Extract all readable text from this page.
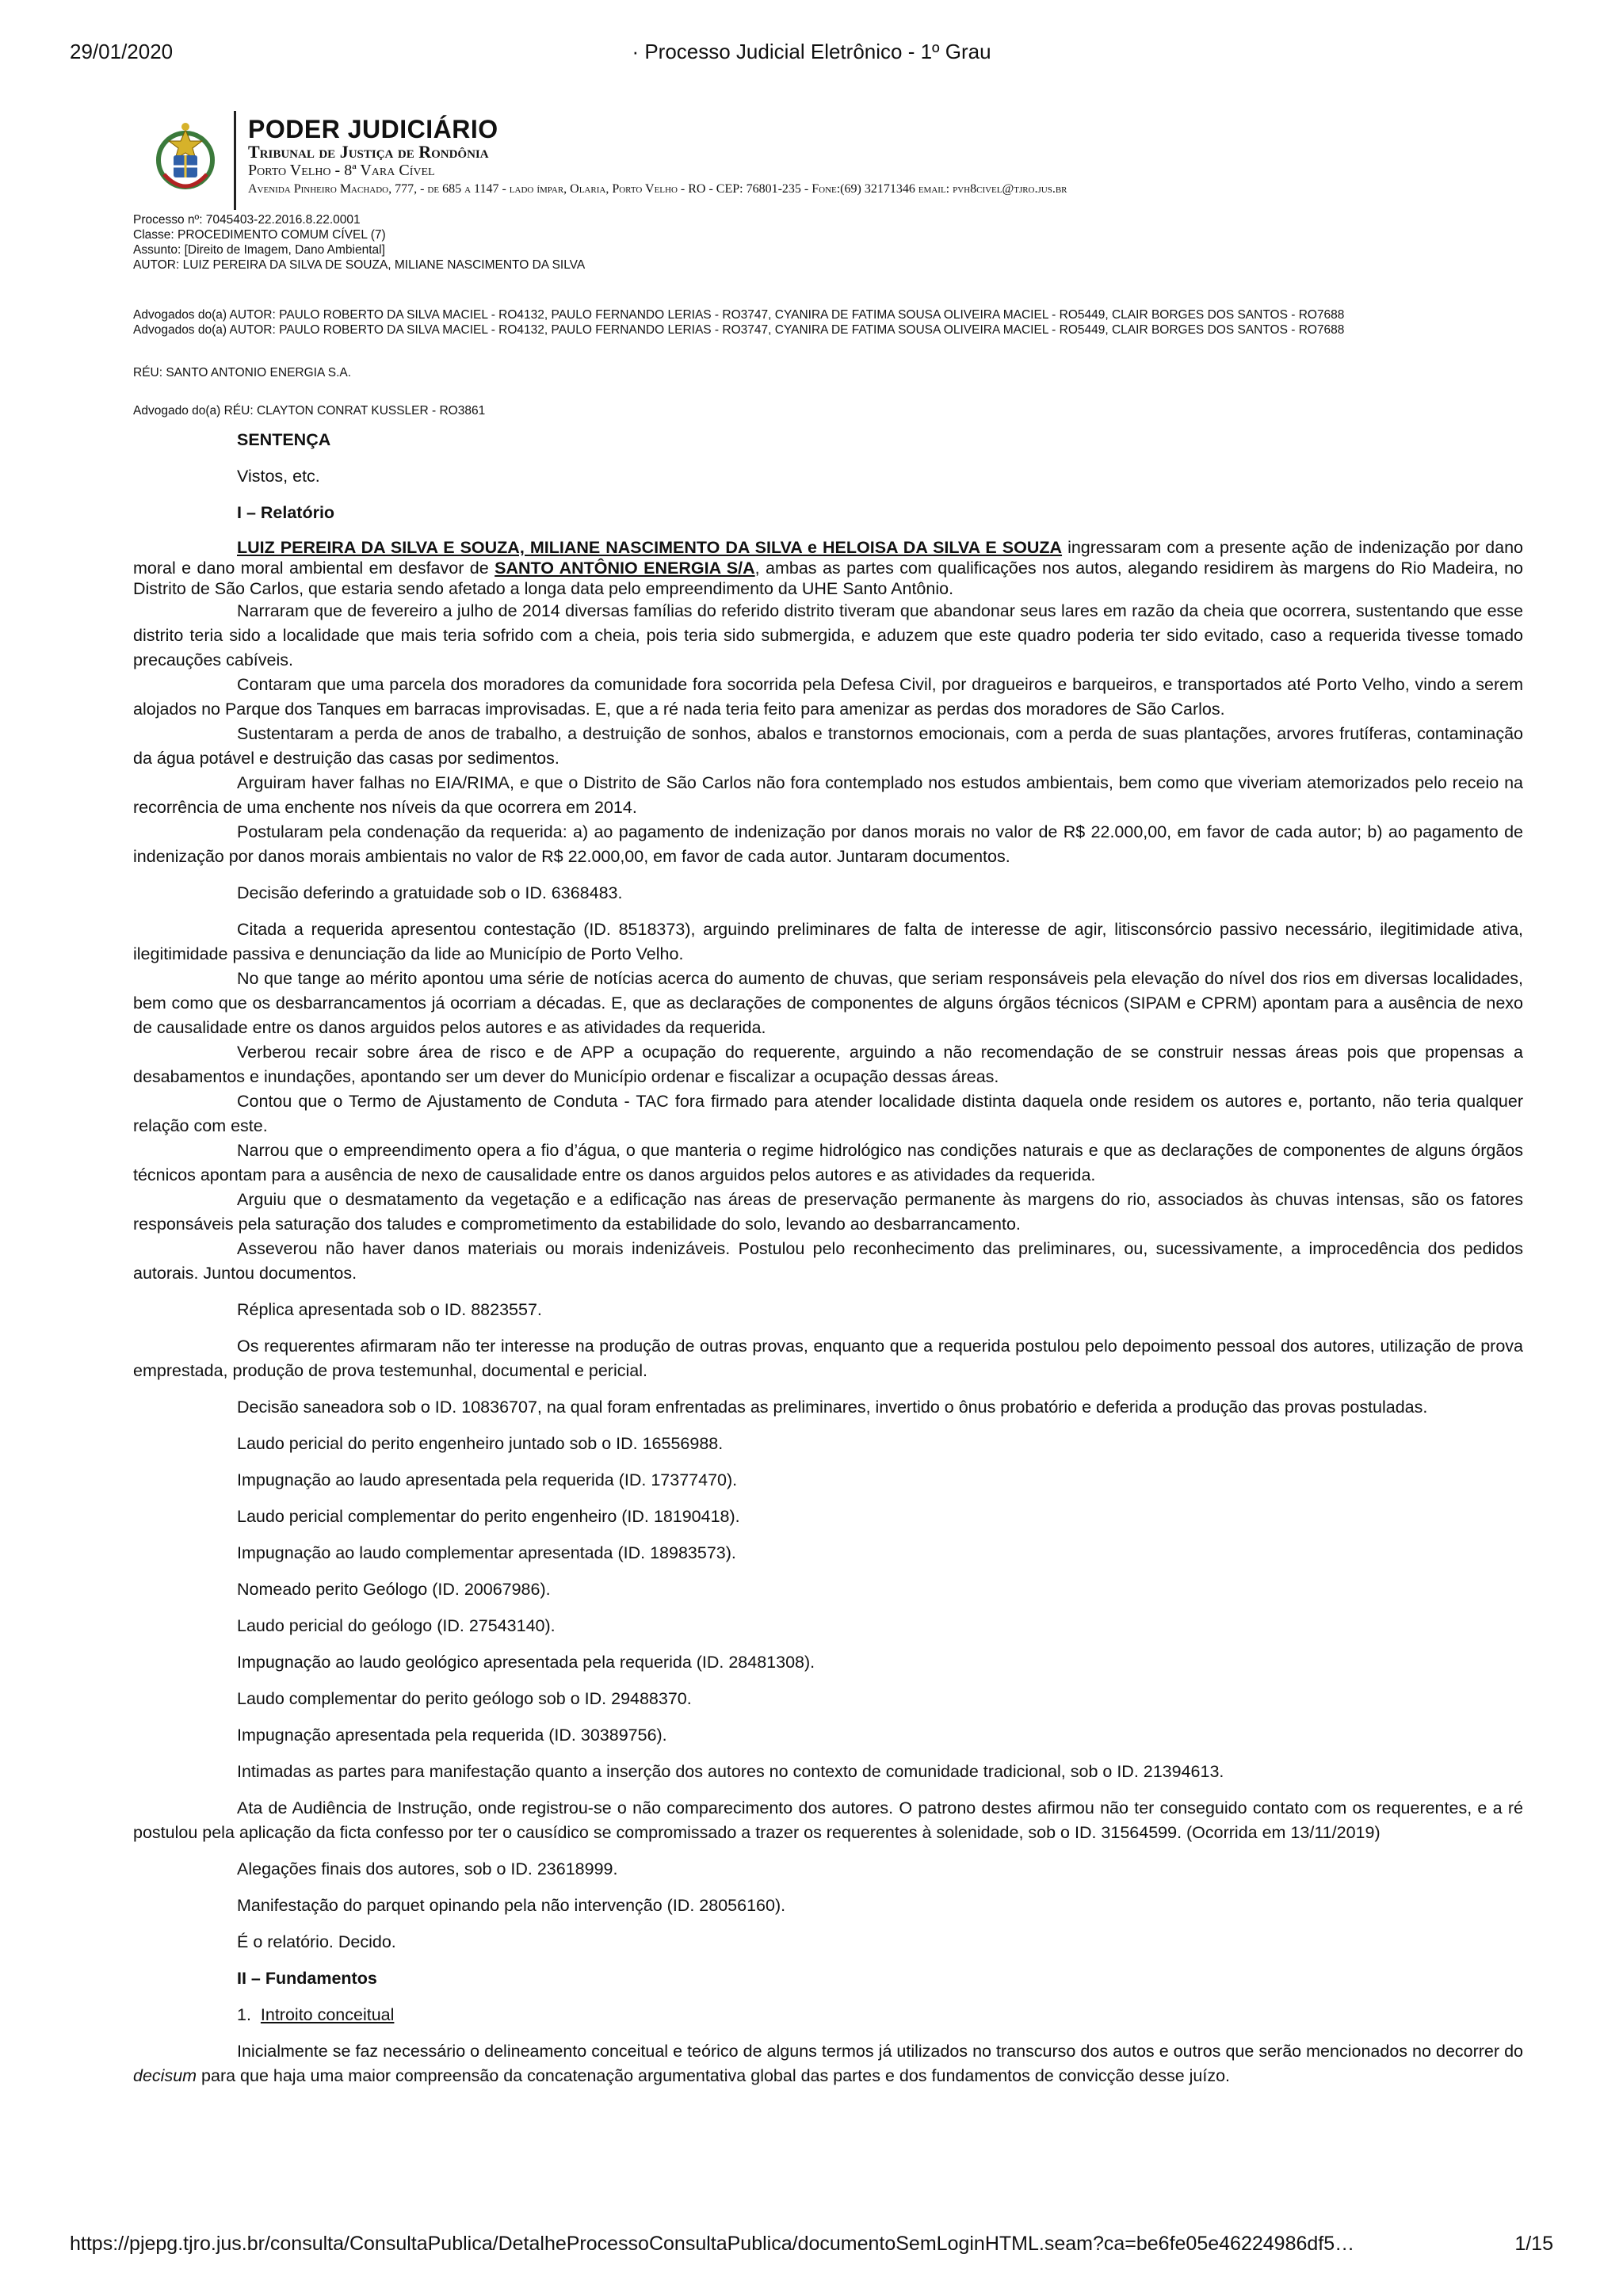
29/01/2020	· Processo Judicial Eletrônico - 1º Grau
PODER JUDICIÁRIO
Tribunal de Justiça de Rondônia
Porto Velho - 8ª Vara Cível
Avenida Pinheiro Machado, 777, - de 685 a 1147 - lado ímpar, Olaria, Porto Velho - RO - CEP: 76801-235 - Fone:(69) 32171346 email: pvh8civel@tjro.jus.br
Processo nº: 7045403-22.2016.8.22.0001
Classe: PROCEDIMENTO COMUM CÍVEL (7)
Assunto: [Direito de Imagem, Dano Ambiental]
AUTOR: LUIZ PEREIRA DA SILVA DE SOUZA, MILIANE NASCIMENTO DA SILVA
Advogados do(a) AUTOR: PAULO ROBERTO DA SILVA MACIEL - RO4132, PAULO FERNANDO LERIAS - RO3747, CYANIRA DE FATIMA SOUSA OLIVEIRA MACIEL - RO5449, CLAIR BORGES DOS SANTOS - RO7688
Advogados do(a) AUTOR: PAULO ROBERTO DA SILVA MACIEL - RO4132, PAULO FERNANDO LERIAS - RO3747, CYANIRA DE FATIMA SOUSA OLIVEIRA MACIEL - RO5449, CLAIR BORGES DOS SANTOS - RO7688
RÉU: SANTO ANTONIO ENERGIA S.A.
Advogado do(a) RÉU: CLAYTON CONRAT KUSSLER - RO3861

SENTENÇA

Vistos, etc.

I – Relatório

LUIZ PEREIRA DA SILVA E SOUZA, MILIANE NASCIMENTO DA SILVA e HELOISA DA SILVA E SOUZA ingressaram com a presente ação de indenização por dano moral e dano moral ambiental em desfavor de SANTO ANTÔNIO ENERGIA S/A, ambas as partes com qualificações nos autos, alegando residirem às margens do Rio Madeira, no Distrito de São Carlos, que estaria sendo afetado a longa data pelo empreendimento da UHE Santo Antônio.

Narraram que de fevereiro a julho de 2014 diversas famílias do referido distrito tiveram que abandonar seus lares em razão da cheia que ocorrera, sustentando que esse distrito teria sido a localidade que mais teria sofrido com a cheia, pois teria sido submergida, e aduzem que este quadro poderia ter sido evitado, caso a requerida tivesse tomado precauções cabíveis.

Contaram que uma parcela dos moradores da comunidade fora socorrida pela Defesa Civil, por dragueiros e barqueiros, e transportados até Porto Velho, vindo a serem alojados no Parque dos Tanques em barracas improvisadas. E, que a ré nada teria feito para amenizar as perdas dos moradores de São Carlos.

Sustentaram a perda de anos de trabalho, a destruição de sonhos, abalos e transtornos emocionais, com a perda de suas plantações, arvores frutíferas, contaminação da água potável e destruição das casas por sedimentos.

Arguiram haver falhas no EIA/RIMA, e que o Distrito de São Carlos não fora contemplado nos estudos ambientais, bem como que viveriam atemorizados pelo receio na recorrência de uma enchente nos níveis da que ocorrera em 2014.

Postularam pela condenação da requerida: a) ao pagamento de indenização por danos morais no valor de R$ 22.000,00, em favor de cada autor; b) ao pagamento de indenização por danos morais ambientais no valor de R$ 22.000,00, em favor de cada autor. Juntaram documentos.

Decisão deferindo a gratuidade sob o ID. 6368483.

Citada a requerida apresentou contestação (ID. 8518373), arguindo preliminares de falta de interesse de agir, litisconsórcio passivo necessário, ilegitimidade ativa, ilegitimidade passiva e denunciação da lide ao Município de Porto Velho.

No que tange ao mérito apontou uma série de notícias acerca do aumento de chuvas, que seriam responsáveis pela elevação do nível dos rios em diversas localidades, bem como que os desbarrancamentos já ocorriam a décadas. E, que as declarações de componentes de alguns órgãos técnicos (SIPAM e CPRM) apontam para a ausência de nexo de causalidade entre os danos arguidos pelos autores e as atividades da requerida.

Verberou recair sobre área de risco e de APP a ocupação do requerente, arguindo a não recomendação de se construir nessas áreas pois que propensas a desabamentos e inundações, apontando ser um dever do Município ordenar e fiscalizar a ocupação dessas áreas.

Contou que o Termo de Ajustamento de Conduta - TAC fora firmado para atender localidade distinta daquela onde residem os autores e, portanto, não teria qualquer relação com este.

Narrou que o empreendimento opera a fio d’água, o que manteria o regime hidrológico nas condições naturais e que as declarações de componentes de alguns órgãos técnicos apontam para a ausência de nexo de causalidade entre os danos arguidos pelos autores e as atividades da requerida.

Arguiu que o desmatamento da vegetação e a edificação nas áreas de preservação permanente às margens do rio, associados às chuvas intensas, são os fatores responsáveis pela saturação dos taludes e comprometimento da estabilidade do solo, levando ao desbarrancamento.

Asseverou não haver danos materiais ou morais indenizáveis. Postulou pelo reconhecimento das preliminares, ou, sucessivamente, a improcedência dos pedidos autorais. Juntou documentos.

Réplica apresentada sob o ID. 8823557.

Os requerentes afirmaram não ter interesse na produção de outras provas, enquanto que a requerida postulou pelo depoimento pessoal dos autores, utilização de prova emprestada, produção de prova testemunhal, documental e pericial.

Decisão saneadora sob o ID. 10836707, na qual foram enfrentadas as preliminares, invertido o ônus probatório e deferida a produção das provas postuladas.

Laudo pericial do perito engenheiro juntado sob o ID. 16556988.

Impugnação ao laudo apresentada pela requerida (ID. 17377470).

Laudo pericial complementar do perito engenheiro (ID. 18190418).

Impugnação ao laudo complementar apresentada (ID. 18983573).

Nomeado perito Geólogo (ID. 20067986).

Laudo pericial do geólogo (ID. 27543140).

Impugnação ao laudo geológico apresentada pela requerida (ID. 28481308).

Laudo complementar do perito geólogo sob o ID. 29488370.

Impugnação apresentada pela requerida (ID. 30389756).

Intimadas as partes para manifestação quanto a inserção dos autores no contexto de comunidade tradicional, sob o ID. 21394613.

Ata de Audiência de Instrução, onde registrou-se o não comparecimento dos autores. O patrono destes afirmou não ter conseguido contato com os requerentes, e a ré postulou pela aplicação da ficta confesso por ter o causídico se compromissado a trazer os requerentes à solenidade, sob o ID. 31564599. (Ocorrida em 13/11/2019)

Alegações finais dos autores, sob o ID. 23618999.

Manifestação do parquet opinando pela não intervenção (ID. 28056160).

É o relatório. Decido.

II – Fundamentos

1. Introito conceitual

Inicialmente se faz necessário o delineamento conceitual e teórico de alguns termos já utilizados no transcurso dos autos e outros que serão mencionados no decorrer do decisum para que haja uma maior compreensão da concatenação argumentativa global das partes e dos fundamentos de convicção desse juízo.

https://pjepg.tjro.jus.br/consulta/ConsultaPublica/DetalheProcessoConsultaPublica/documentoSemLoginHTML.seam?ca=be6fe05e46224986df5…	1/15
